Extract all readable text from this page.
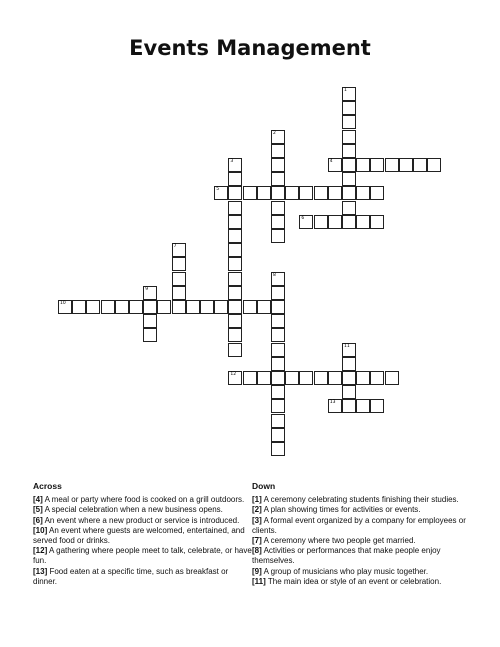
Events Management
1
2
3	4
5
6
7
8
9
10
11
12
13
Across
[4] A meal or party where food is cooked on a grill outdoors.
[5] A special celebration when a new business opens.
[6] An event where a new product or service is introduced.
[10] An event where guests are welcomed, entertained, and served food or drinks.
[12] A gathering where people meet to talk, celebrate, or have fun.
[13] Food eaten at a specific time, such as breakfast or dinner.
Down
[1] A ceremony celebrating students finishing their studies.
[2] A plan showing times for activities or events.
[3] A formal event organized by a company for employees or clients.
[7] A ceremony where two people get married.
[8] Activities or performances that make people enjoy themselves.
[9] A group of musicians who play music together.
[11] The main idea or style of an event or celebration.
